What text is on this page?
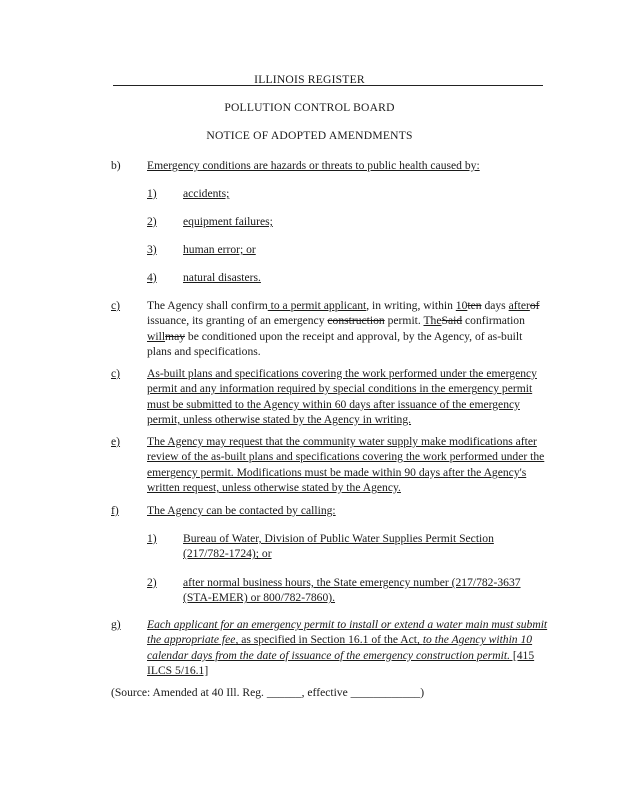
ILLINOIS REGISTER
POLLUTION CONTROL BOARD
NOTICE OF ADOPTED AMENDMENTS
b) Emergency conditions are hazards or threats to public health caused by:
1) accidents;
2) equipment failures;
3) human error; or
4) natural disasters.
c) The Agency shall confirm to a permit applicant, in writing, within 10ten days afterof issuance, its granting of an emergency construction permit. TheSaid confirmation willmay be conditioned upon the receipt and approval, by the Agency, of as-built plans and specifications.
c) As-built plans and specifications covering the work performed under the emergency permit and any information required by special conditions in the emergency permit must be submitted to the Agency within 60 days after issuance of the emergency permit, unless otherwise stated by the Agency in writing.
e) The Agency may request that the community water supply make modifications after review of the as-built plans and specifications covering the work performed under the emergency permit. Modifications must be made within 90 days after the Agency's written request, unless otherwise stated by the Agency.
f) The Agency can be contacted by calling:
1) Bureau of Water, Division of Public Water Supplies Permit Section (217/782-1724); or
2) after normal business hours, the State emergency number (217/782-3637 (STA-EMER) or 800/782-7860).
g) Each applicant for an emergency permit to install or extend a water main must submit the appropriate fee, as specified in Section 16.1 of the Act, to the Agency within 10 calendar days from the date of issuance of the emergency construction permit. [415 ILCS 5/16.1]
(Source: Amended at 40 Ill. Reg. ______, effective ____________)
